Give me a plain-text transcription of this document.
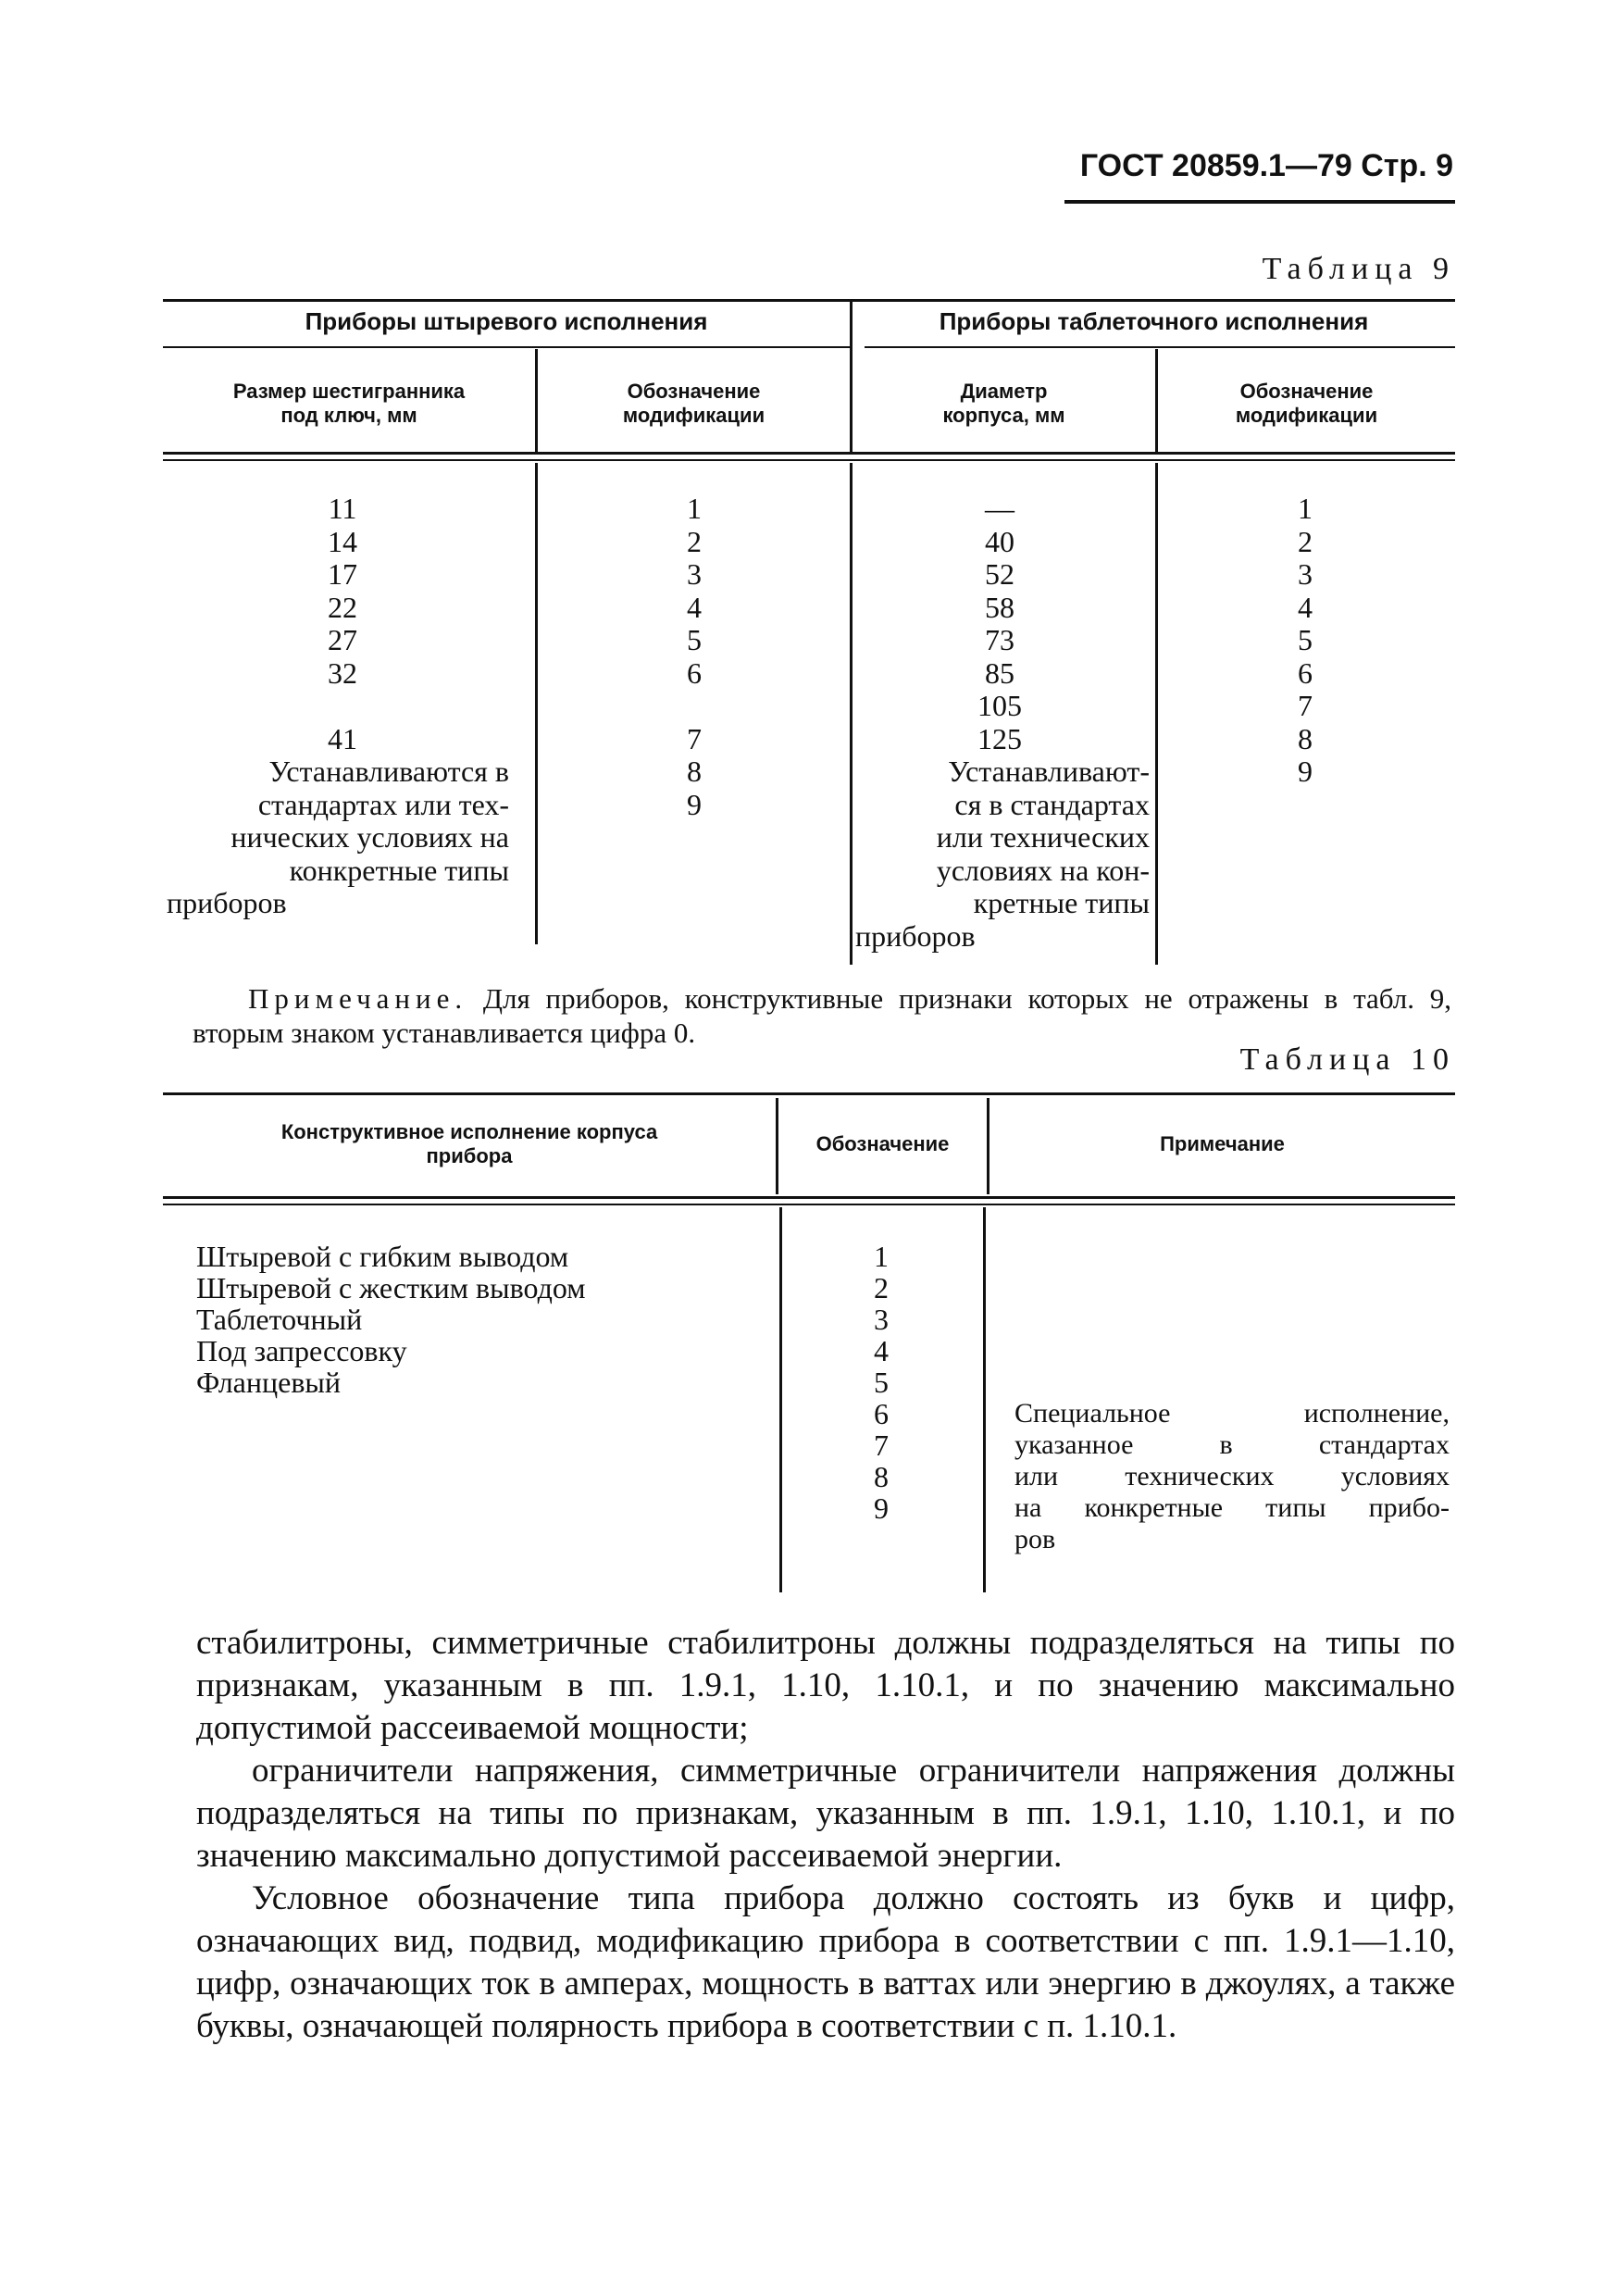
ГОСТ 20859.1—79 Стр. 9
Таблица 9
Приборы штыревого исполнения	Приборы таблеточного исполнения
Размер шестигранника
под ключ, мм
Обозначение
модификации
Диаметр
корпуса, мм
Обозначение
модификации
11
14
17
22
27
32
41
Устанавливаются в
стандартах или тех-
нических условиях на
конкретные типы
приборов
1
2
3
4
5
6
7
8
9
—
40
52
58
73
85
105
125
Устанавливают-
ся в стандартах
или технических
условиях на кон-
кретные типы
приборов
1
2
3
4
5
6
7
8
9
Примечание. Для приборов, конструктивные признаки которых не отражены в табл. 9, вторым знаком устанавливается цифра 0.
Таблица 10
Конструктивное исполнение корпуса
прибора
Обозначение	Примечание
Штыревой с гибким выводом
Штыревой с жестким выводом
Таблеточный
Под запрессовку
Фланцевый
1
2
3
4
5
6
7
8
9
Специальное исполнение,
указанное в стандартах
или технических условиях
на конкретные типы прибо-
ров

стабилитроны, симметричные стабилитроны должны подразделяться на типы по признакам, указанным в пп. 1.9.1, 1.10, 1.10.1, и по значению максимально допустимой рассеиваемой мощности;

ограничители напряжения, симметричные ограничители напряжения должны подразделяться на типы по признакам, указанным в пп. 1.9.1, 1.10, 1.10.1, и по значению максимально допустимой рассеиваемой энергии.

Условное обозначение типа прибора должно состоять из букв и цифр, означающих вид, подвид, модификацию прибора в соответствии с пп. 1.9.1—1.10, цифр, означающих ток в амперах, мощность в ваттах или энергию в джоулях, а также буквы, означающей полярность прибора в соответствии с п. 1.10.1.
